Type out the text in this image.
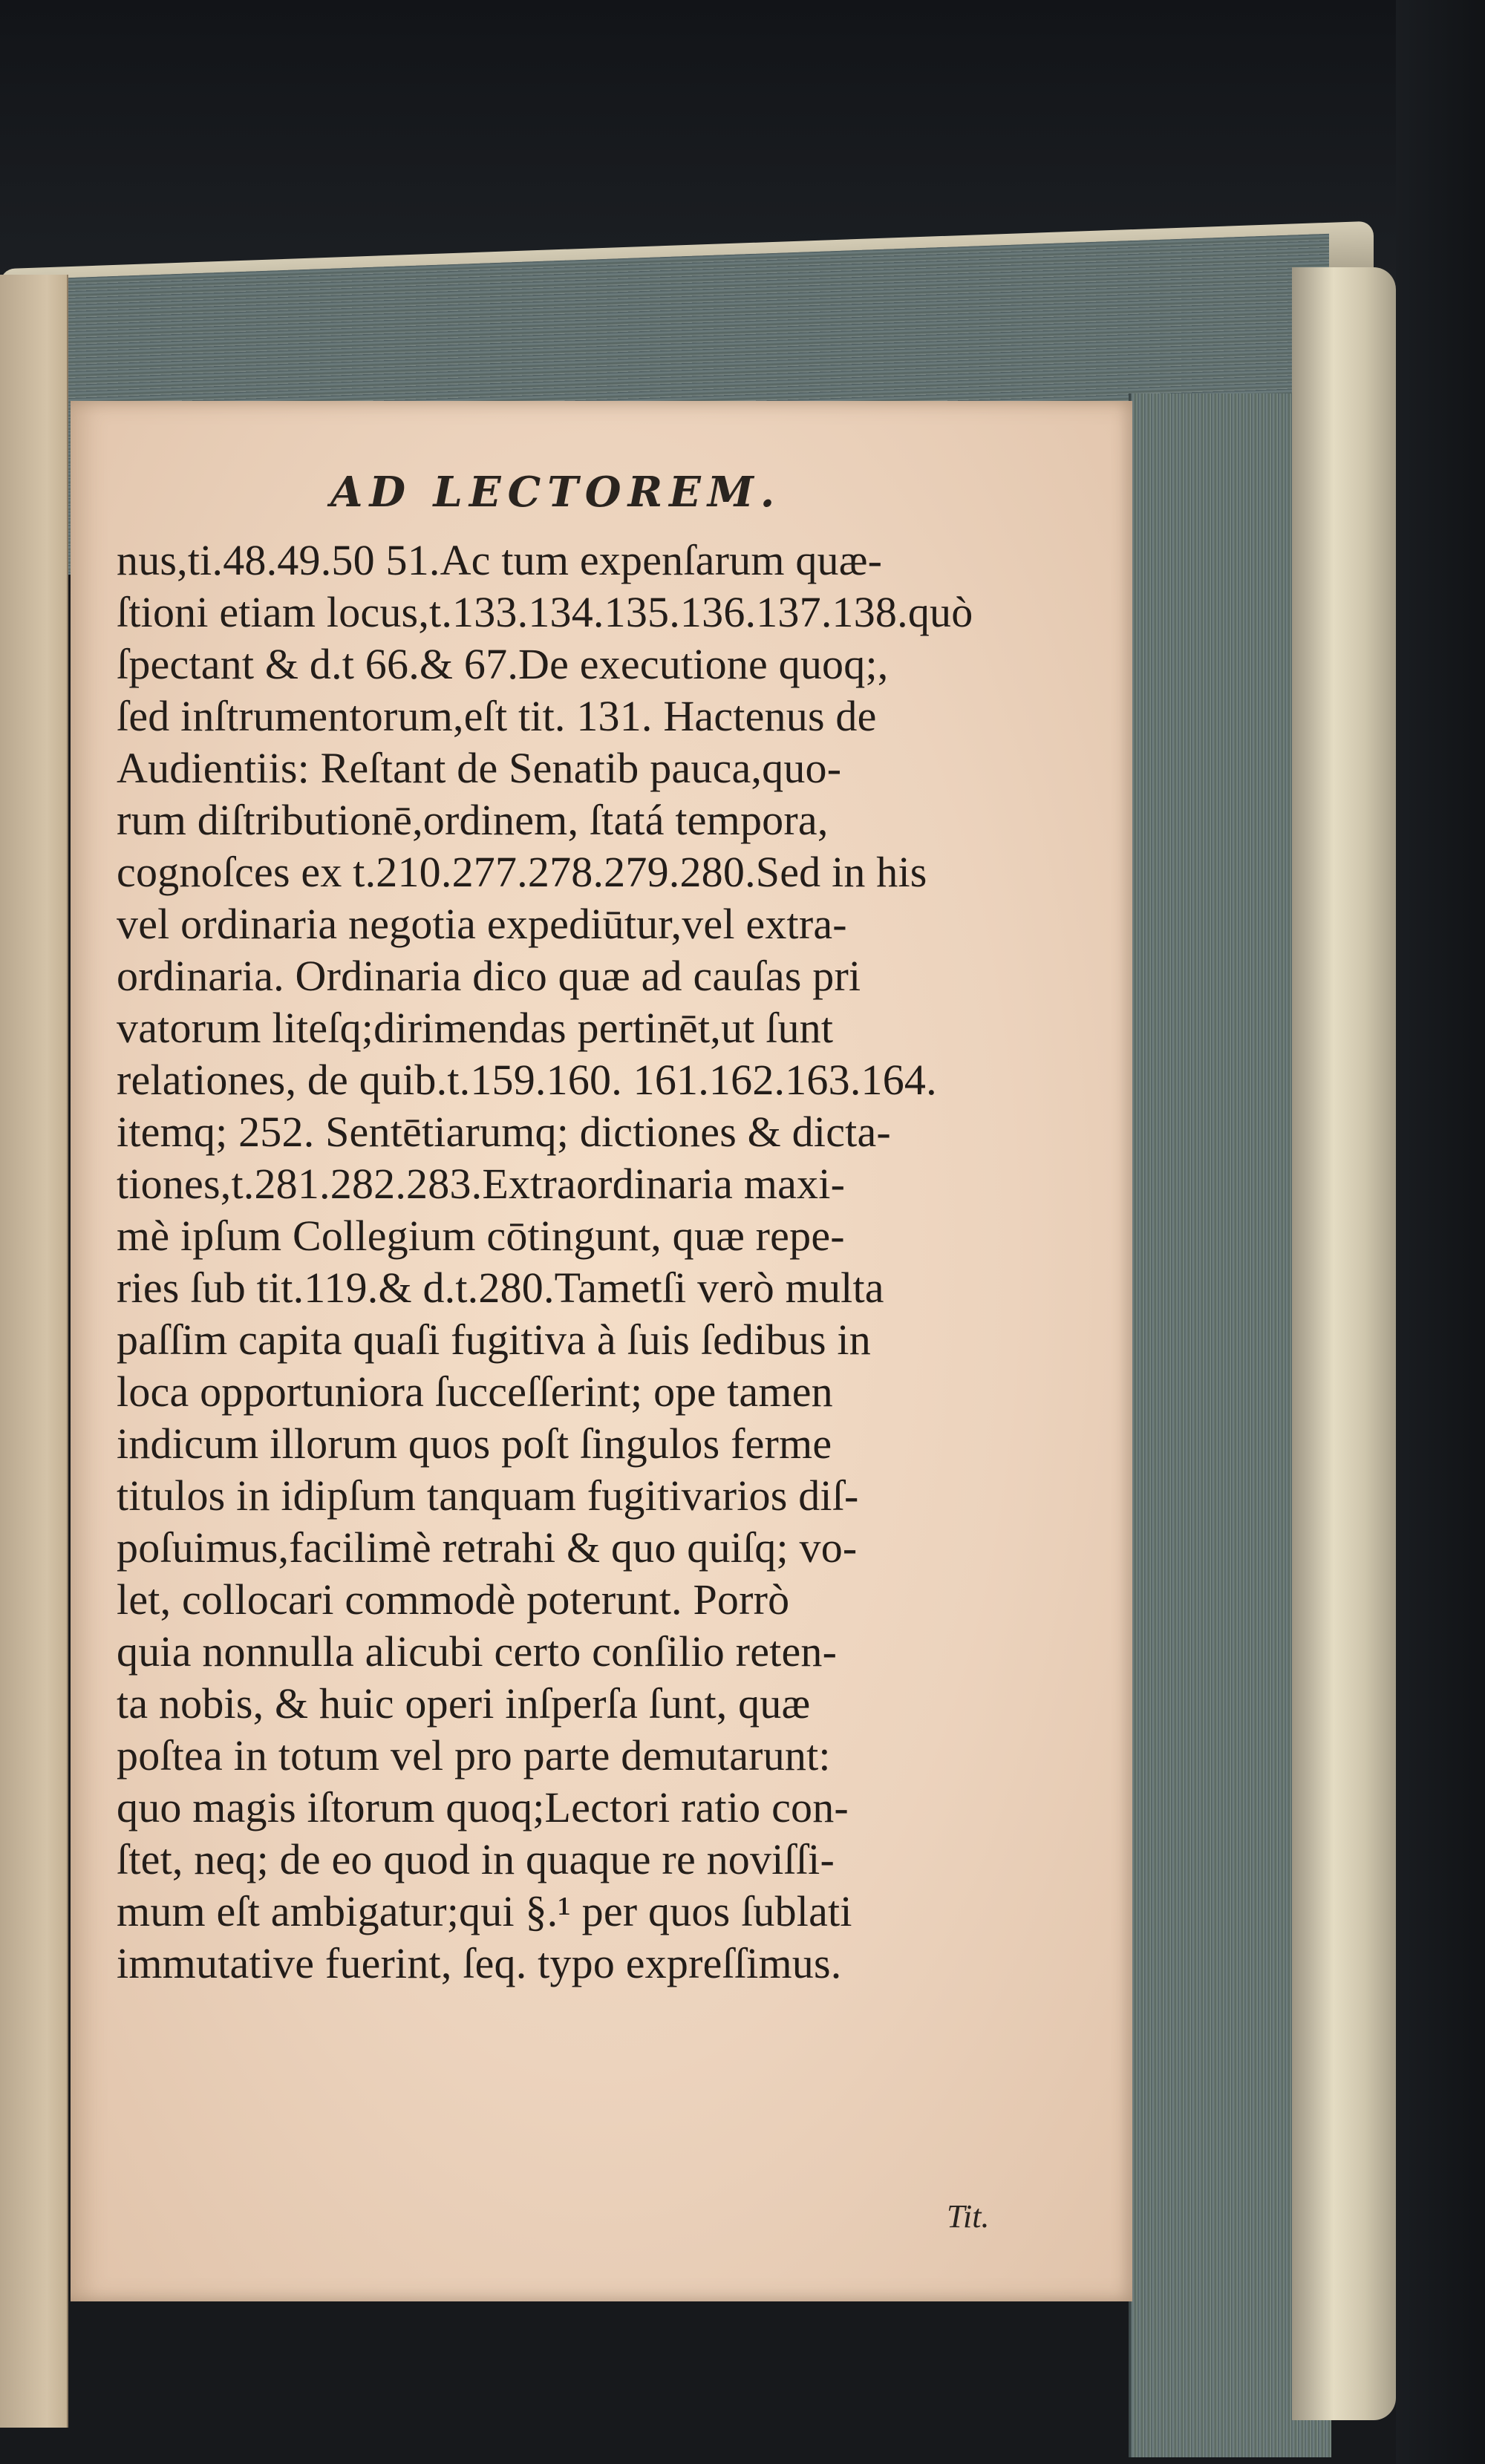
AD LECTOREM.
nus,ti.48.49.50 51.Ac tum expenſarum quæ-
ſtioni etiam locus,t.133.134.135.136.137.138.quò
ſpectant & d.t 66.& 67.De executione quoq;,
ſed inſtrumentorum,eſt tit. 131. Hactenus de
Audientiis: Reſtant de Senatib pauca,quo-
rum diſtributionē,ordinem, ſtatá tempora,
cognoſces ex t.210.277.278.279.280.Sed in his
vel ordinaria negotia expediūtur,vel extra-
ordinaria. Ordinaria dico quæ ad cauſas pri
vatorum liteſq;dirimendas pertinēt,ut ſunt
relationes, de quib.t.159.160. 161.162.163.164.
itemq; 252. Sentētiarumq; dictiones & dicta-
tiones,t.281.282.283.Extraordinaria maxi-
mè ipſum Collegium cōtingunt, quæ repe-
ries ſub tit.119.& d.t.280.Tametſi verò multa
paſſim capita quaſi fugitiva à ſuis ſedibus in
loca opportuniora ſucceſſerint; ope tamen
indicum illorum quos poſt ſingulos ferme
titulos in idipſum tanquam fugitivarios diſ-
poſuimus,facilimè retrahi & quo quiſq; vo-
let, collocari commodè poterunt. Porrò
quia nonnulla alicubi certo conſilio reten-
ta nobis, & huic operi inſperſa ſunt, quæ
poſtea in totum vel pro parte demutarunt:
quo magis iſtorum quoq;Lectori ratio con-
ſtet, neq; de eo quod in quaque re noviſſi-
mum eſt ambigatur;qui §.¹ per quos ſublati
immutative fuerint, ſeq. typo expreſſimus.
Tit.
